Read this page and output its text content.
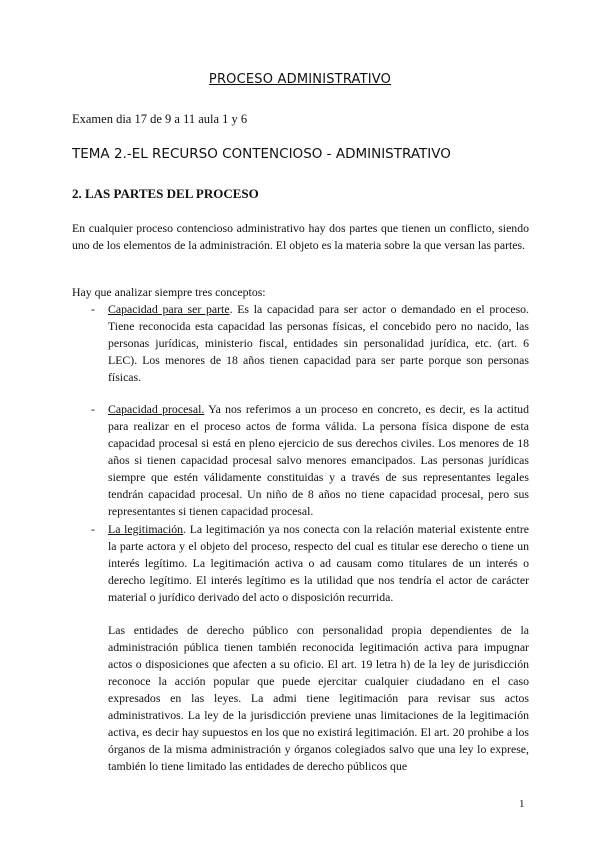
PROCESO ADMINISTRATIVO
Examen dia 17 de 9 a 11 aula 1 y 6
TEMA 2.-EL RECURSO CONTENCIOSO - ADMINISTRATIVO
2. LAS PARTES DEL PROCESO

En cualquier proceso contencioso administrativo hay dos partes que tienen un conflicto, siendo uno de los elementos de la administración. El objeto es la materia sobre la que versan las partes.

Hay que analizar siempre tres conceptos:
- Capacidad para ser parte. Es la capacidad para ser actor o demandado en el proceso. Tiene reconocida esta capacidad las personas físicas, el concebido pero no nacido, las personas jurídicas, ministerio fiscal, entidades sin personalidad jurídica, etc. (art. 6 LEC). Los menores de 18 años tienen capacidad para ser parte porque son personas físicas.
- Capacidad procesal. Ya nos referimos a un proceso en concreto, es decir, es la actitud para realizar en el proceso actos de forma válida. La persona física dispone de esta capacidad procesal si está en pleno ejercicio de sus derechos civiles. Los menores de 18 años si tienen capacidad procesal salvo menores emancipados. Las personas jurídicas siempre que estén válidamente constituidas y a través de sus representantes legales tendrán capacidad procesal. Un niño de 8 años no tiene capacidad procesal, pero sus representantes si tienen capacidad procesal.
- La legitimación. La legitimación ya nos conecta con la relación material existente entre la parte actora y el objeto del proceso, respecto del cual es titular ese derecho o tiene un interés legítimo. La legitimación activa o ad causam como titulares de un interés o derecho legítimo. El interés legítimo es la utilidad que nos tendría el actor de carácter material o jurídico derivado del acto o disposición recurrida.

Las entidades de derecho público con personalidad propia dependientes de la administración pública tienen también reconocida legitimación activa para impugnar actos o disposiciones que afecten a su oficio. El art. 19 letra h) de la ley de jurisdicción reconoce la acción popular que puede ejercitar cualquier ciudadano en el caso expresados en las leyes. La admi tiene legitimación para revisar sus actos administrativos. La ley de la jurisdicción previene unas limitaciones de la legitimación activa, es decir hay supuestos en los que no existirá legitimación. El art. 20 prohibe a los órganos de la misma administración y órganos colegiados salvo que una ley lo exprese, también lo tiene limitado las entidades de derecho públicos que

1
